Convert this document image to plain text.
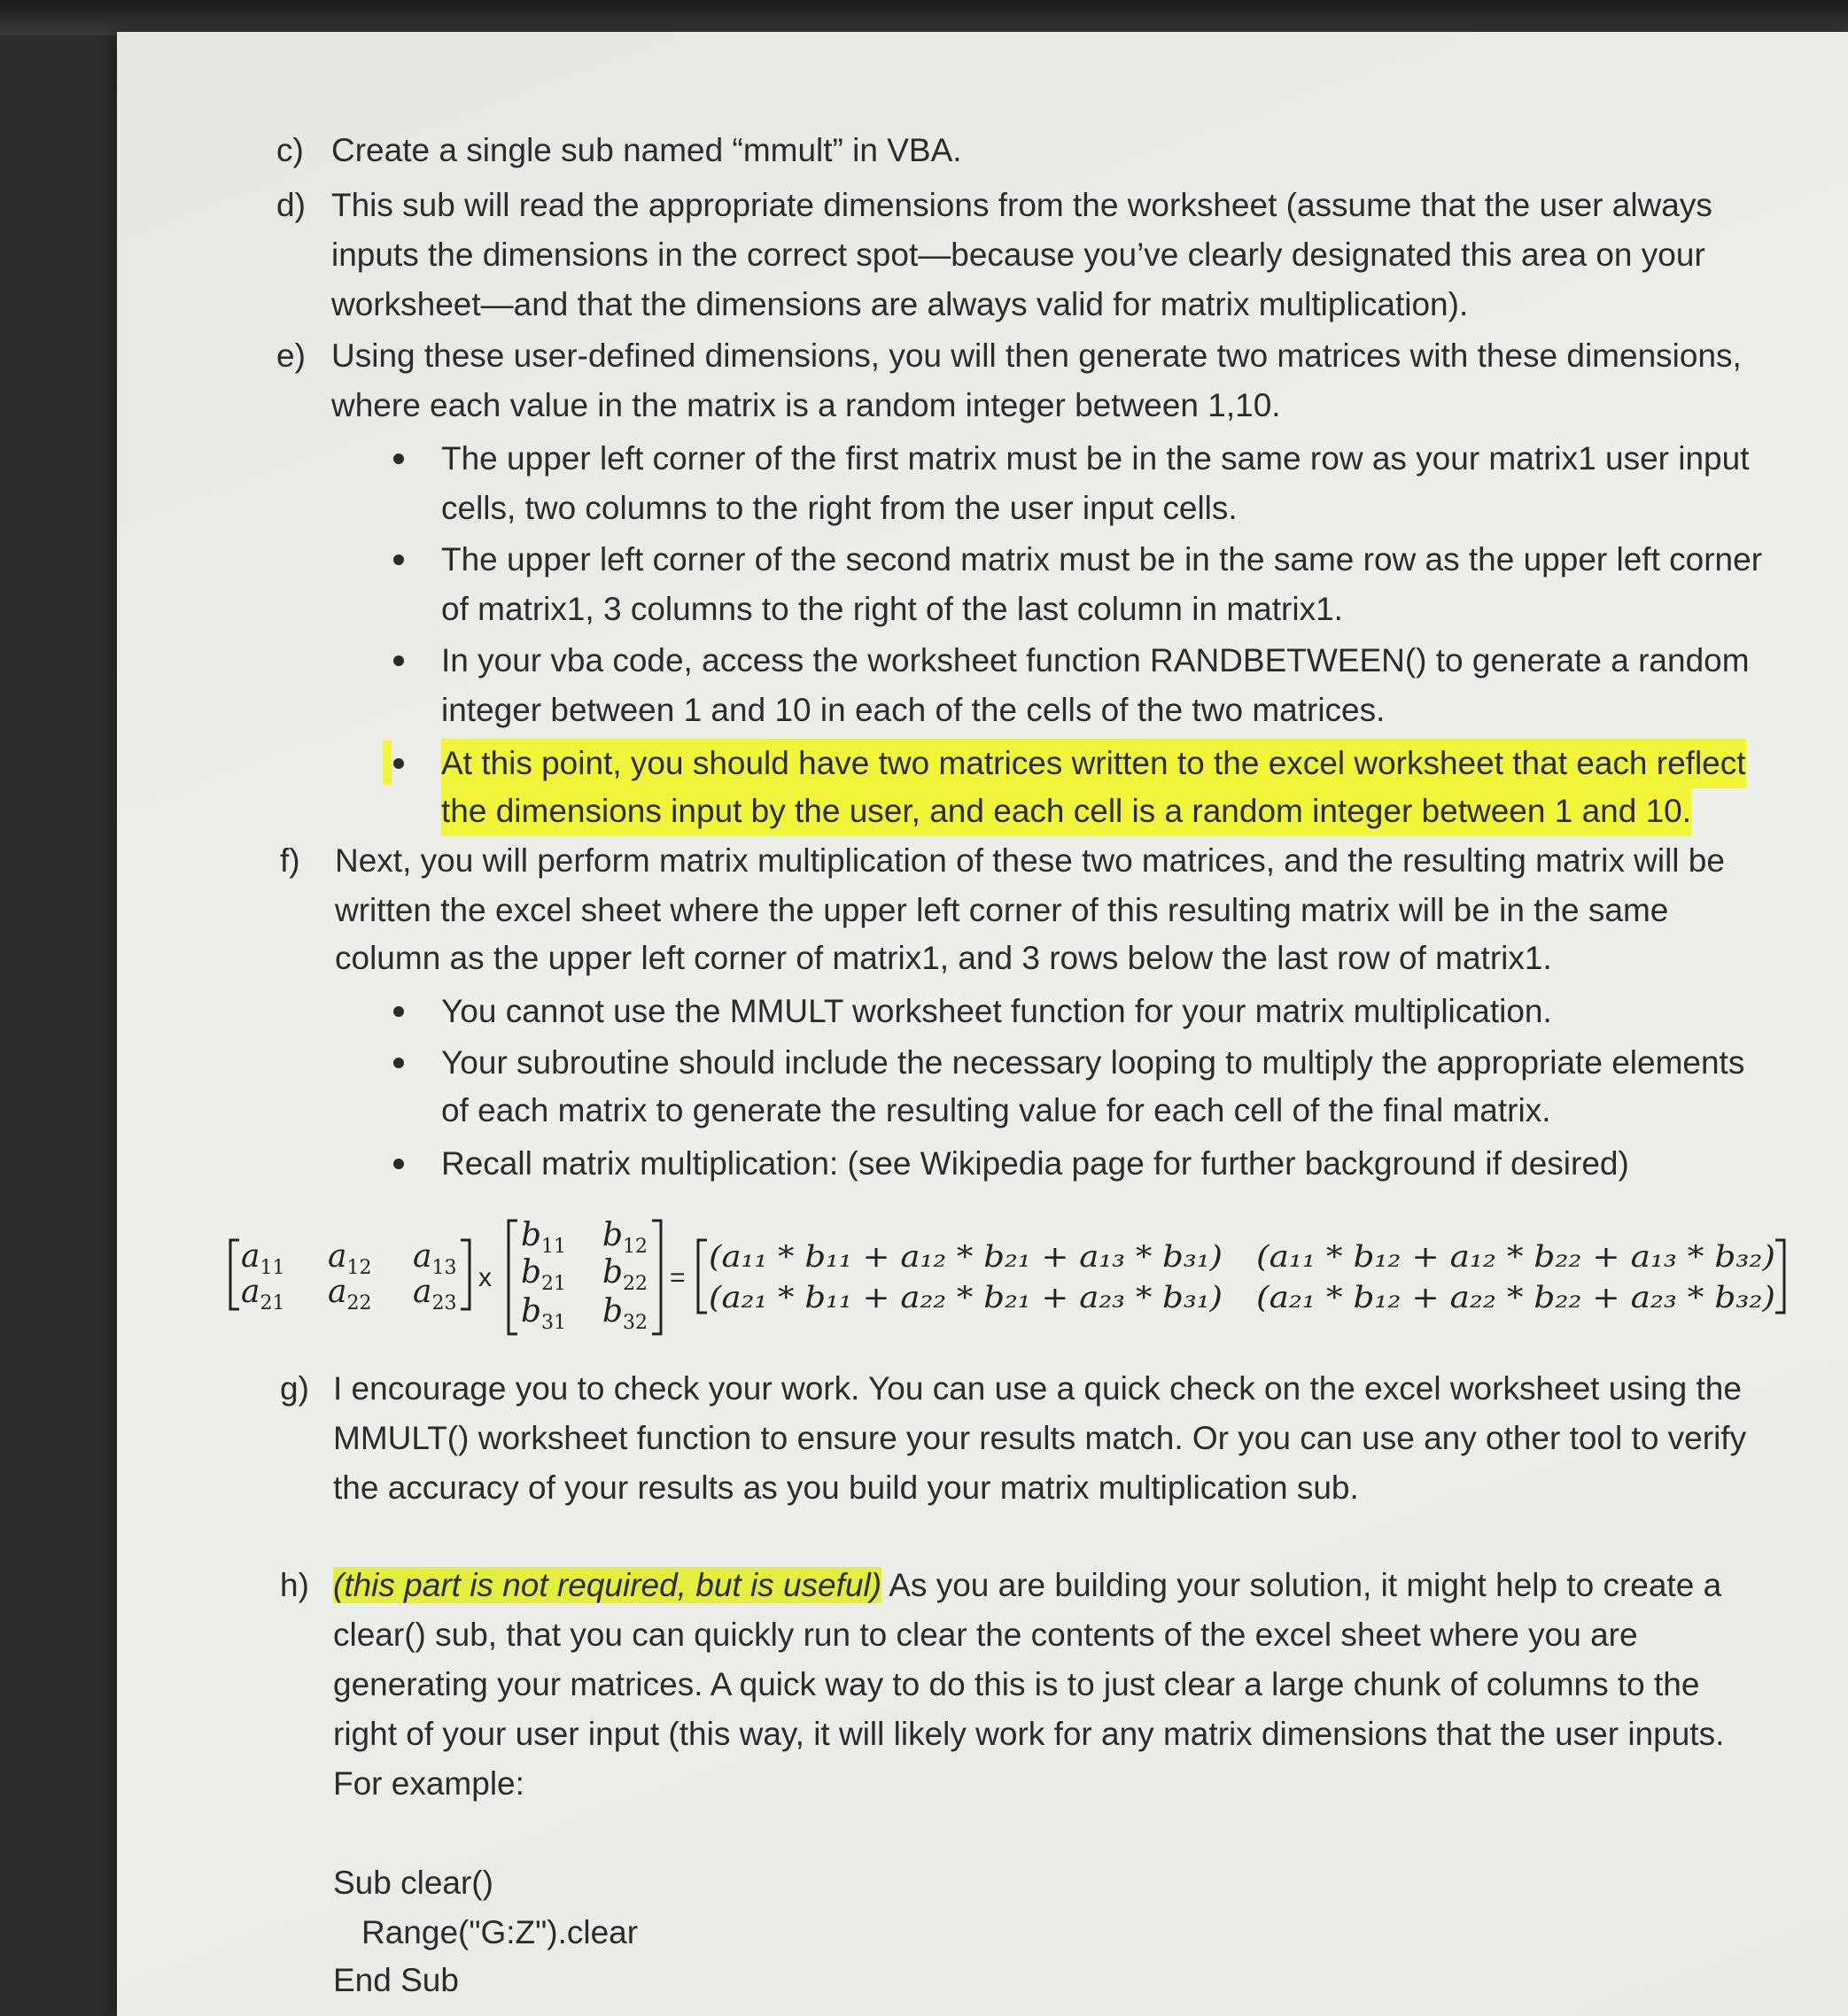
c) Create a single sub named “mmult” in VBA.
d) This sub will read the appropriate dimensions from the worksheet (assume that the user always
inputs the dimensions in the correct spot—because you’ve clearly designated this area on your
worksheet—and that the dimensions are always valid for matrix multiplication).
e) Using these user-defined dimensions, you will then generate two matrices with these dimensions,
where each value in the matrix is a random integer between 1,10.
The upper left corner of the first matrix must be in the same row as your matrix1 user input
cells, two columns to the right from the user input cells.
The upper left corner of the second matrix must be in the same row as the upper left corner
of matrix1, 3 columns to the right of the last column in matrix1.
In your vba code, access the worksheet function RANDBETWEEN() to generate a random
integer between 1 and 10 in each of the cells of the two matrices.
At this point, you should have two matrices written to the excel worksheet that each reflect
the dimensions input by the user, and each cell is a random integer between 1 and 10.
f) Next, you will perform matrix multiplication of these two matrices, and the resulting matrix will be
written the excel sheet where the upper left corner of this resulting matrix will be in the same
column as the upper left corner of matrix1, and 3 rows below the last row of matrix1.
You cannot use the MMULT worksheet function for your matrix multiplication.
Your subroutine should include the necessary looping to multiply the appropriate elements
of each matrix to generate the resulting value for each cell of the final matrix.
Recall matrix multiplication: (see Wikipedia page for further background if desired)
$a_{11}$ $a_{12}$ $a_{13}$
$a_{21}$ $a_{22}$ $a_{23}$
x
$b_{11}$ $b_{12}$
$b_{21}$ $b_{22}$
$b_{31}$ $b_{32}$
=
(a₁₁ * b₁₁ + a₁₂ * b₂₁ + a₁₃ * b₃₁) (a₁₁ * b₁₂ + a₁₂ * b₂₂ + a₁₃ * b₃₂)
(a₂₁ * b₁₁ + a₂₂ * b₂₁ + a₂₃ * b₃₁) (a₂₁ * b₁₂ + a₂₂ * b₂₂ + a₂₃ * b₃₂)
g) I encourage you to check your work. You can use a quick check on the excel worksheet using the
MMULT() worksheet function to ensure your results match. Or you can use any other tool to verify
the accuracy of your results as you build your matrix multiplication sub.
h) (this part is not required, but is useful) As you are building your solution, it might help to create a
clear() sub, that you can quickly run to clear the contents of the excel sheet where you are
generating your matrices. A quick way to do this is to just clear a large chunk of columns to the
right of your user input (this way, it will likely work for any matrix dimensions that the user inputs.
For example:
Sub clear()
Range("G:Z").clear
End Sub
